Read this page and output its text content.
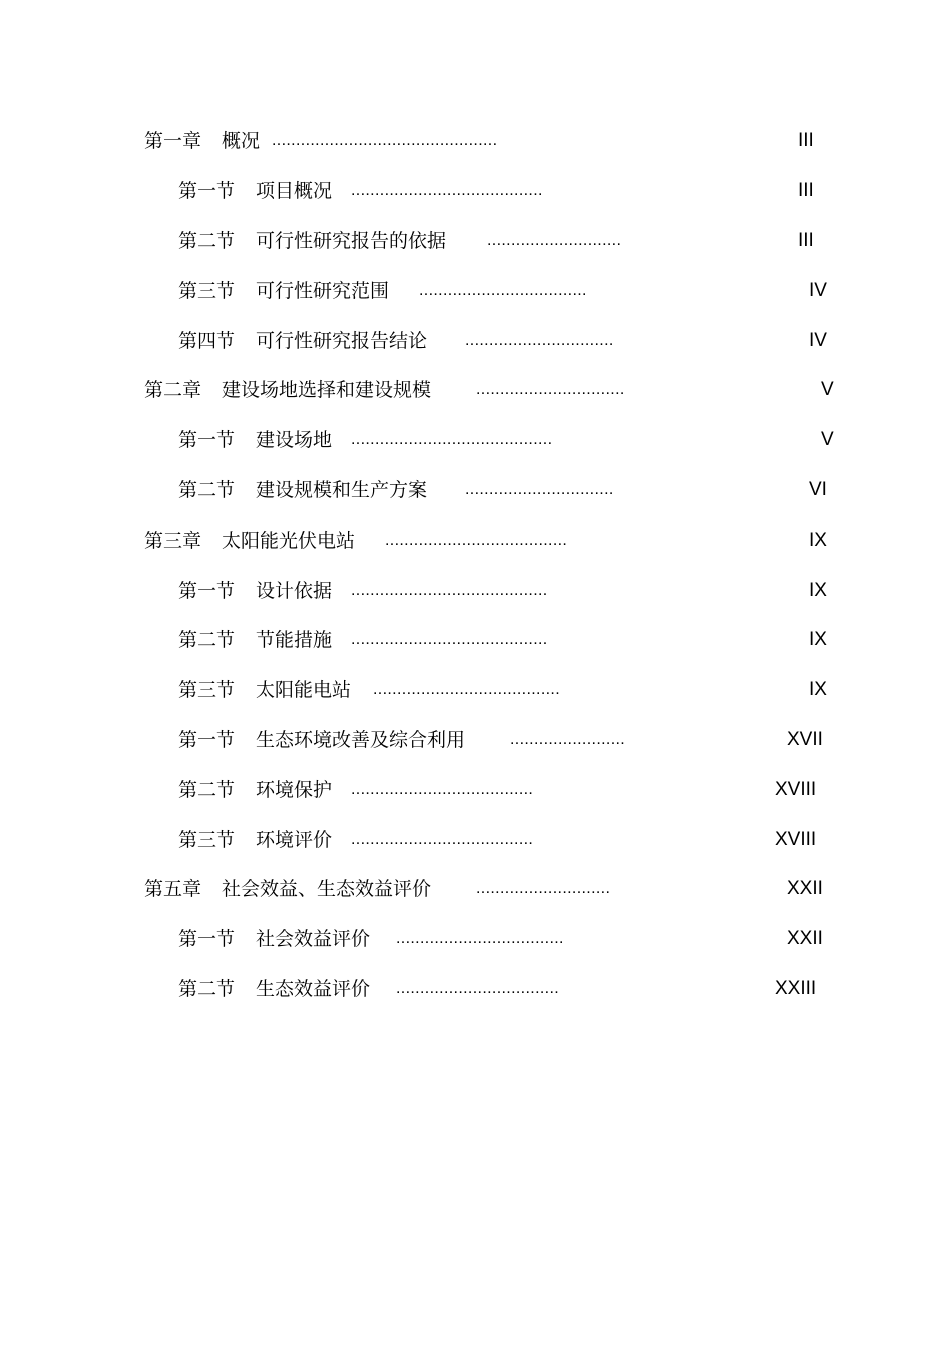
第一章 概况 ...............................................	III
第一节 项目概况 ........................................	III
第二节 可行性研究报告的依据	............................	III
第三节 可行性研究范围 ...................................	IV
第四节 可行性研究报告结论 ...............................	IV
第二章 建设场地选择和建设规模	...............................	V
第一节 建设场地 ..........................................	V
第二节 建设规模和生产方案 ...............................	VI
第三章 太阳能光伏电站 ......................................	IX
第一节 设计依据 .........................................	IX
第二节 节能措施 .........................................	IX
第三节 太阳能电站 .......................................	IX
第一节 生态环境改善及综合利用	........................	XVII
第二节 环境保护 ......................................	XVIII
第三节 环境评价 ......................................	XVIII
第五章 社会效益、生态效益评价	............................	XXII
第一节 社会效益评价 ...................................	XXII
第二节 生态效益评价 ..................................	XXIII
